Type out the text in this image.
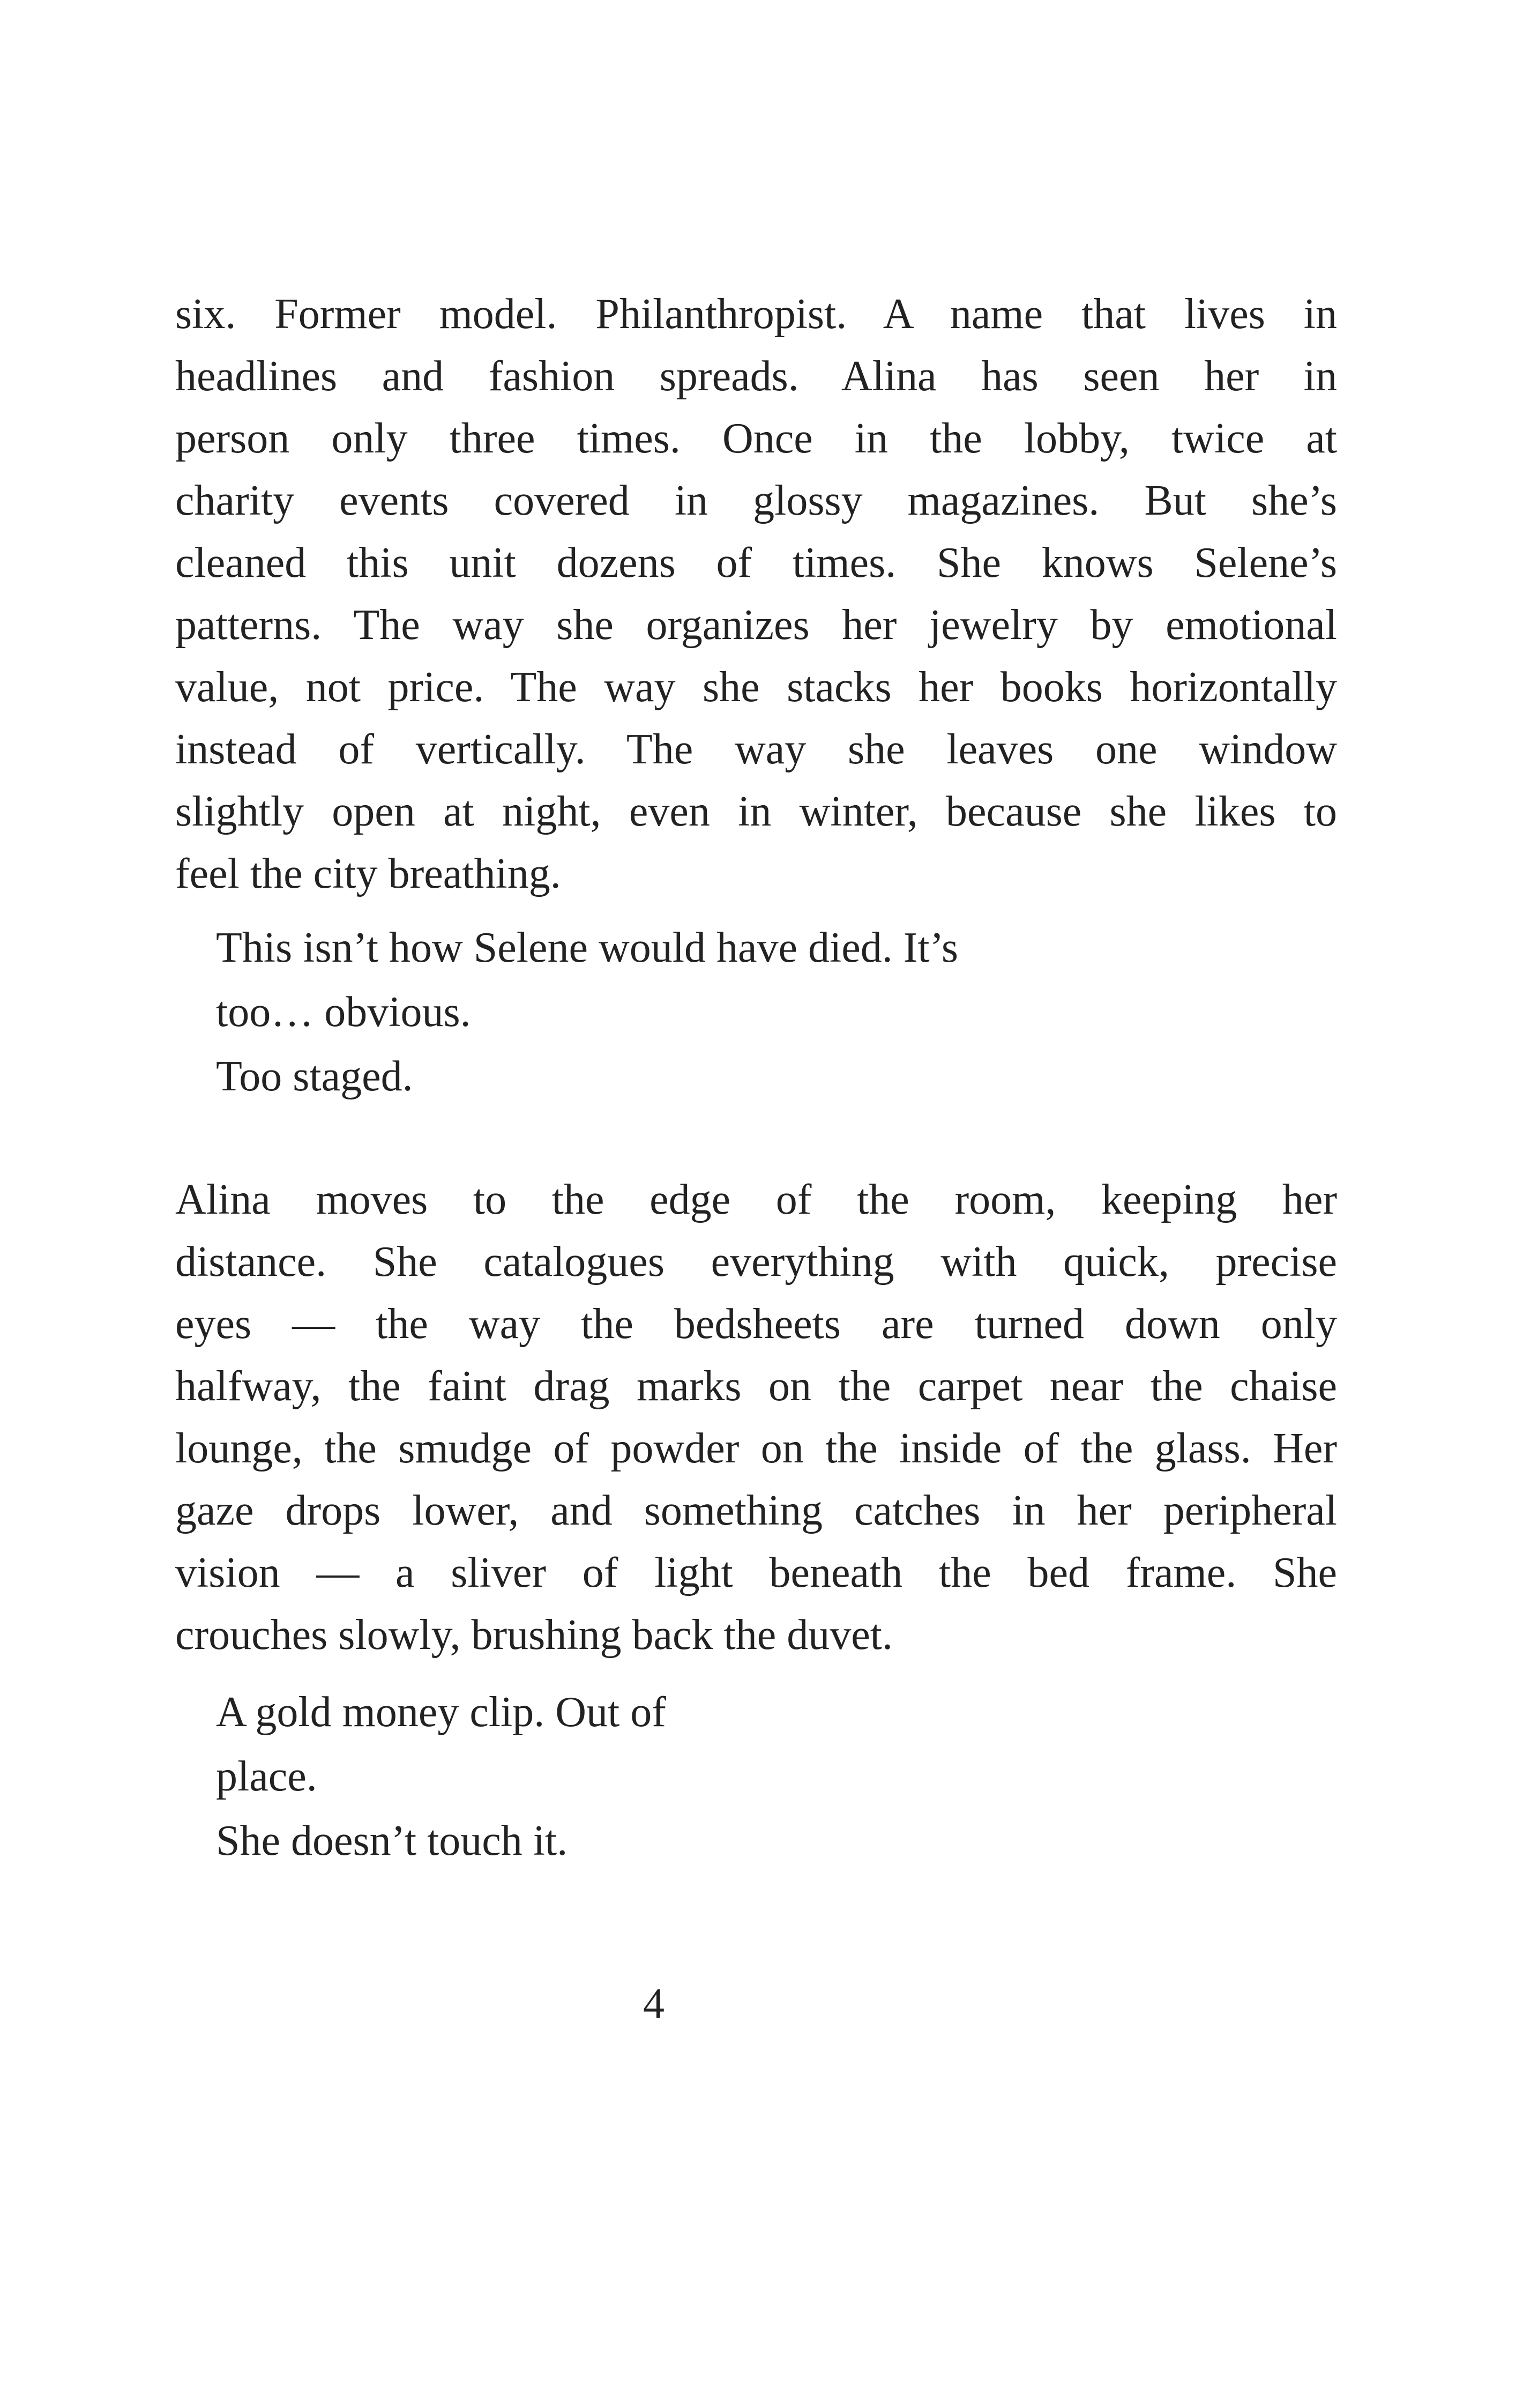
six. Former model. Philanthropist. A name that lives in
headlines and fashion spreads. Alina has seen her in
person only three times. Once in the lobby, twice at
charity events covered in glossy magazines. But she’s
cleaned this unit dozens of times. She knows Selene’s
patterns. The way she organizes her jewelry by emotional
value, not price. The way she stacks her books horizontally
instead of vertically. The way she leaves one window
slightly open at night, even in winter, because she likes to
feel the city breathing.
This isn’t how Selene would have died. It’s
too… obvious.
Too staged.
Alina moves to the edge of the room, keeping her
distance. She catalogues everything with quick, precise
eyes — the way the bedsheets are turned down only
halfway, the faint drag marks on the carpet near the chaise
lounge, the smudge of powder on the inside of the glass. Her
gaze drops lower, and something catches in her peripheral
vision — a sliver of light beneath the bed frame. She
crouches slowly, brushing back the duvet.
A gold money clip. Out of
place.
She doesn’t touch it.
4
